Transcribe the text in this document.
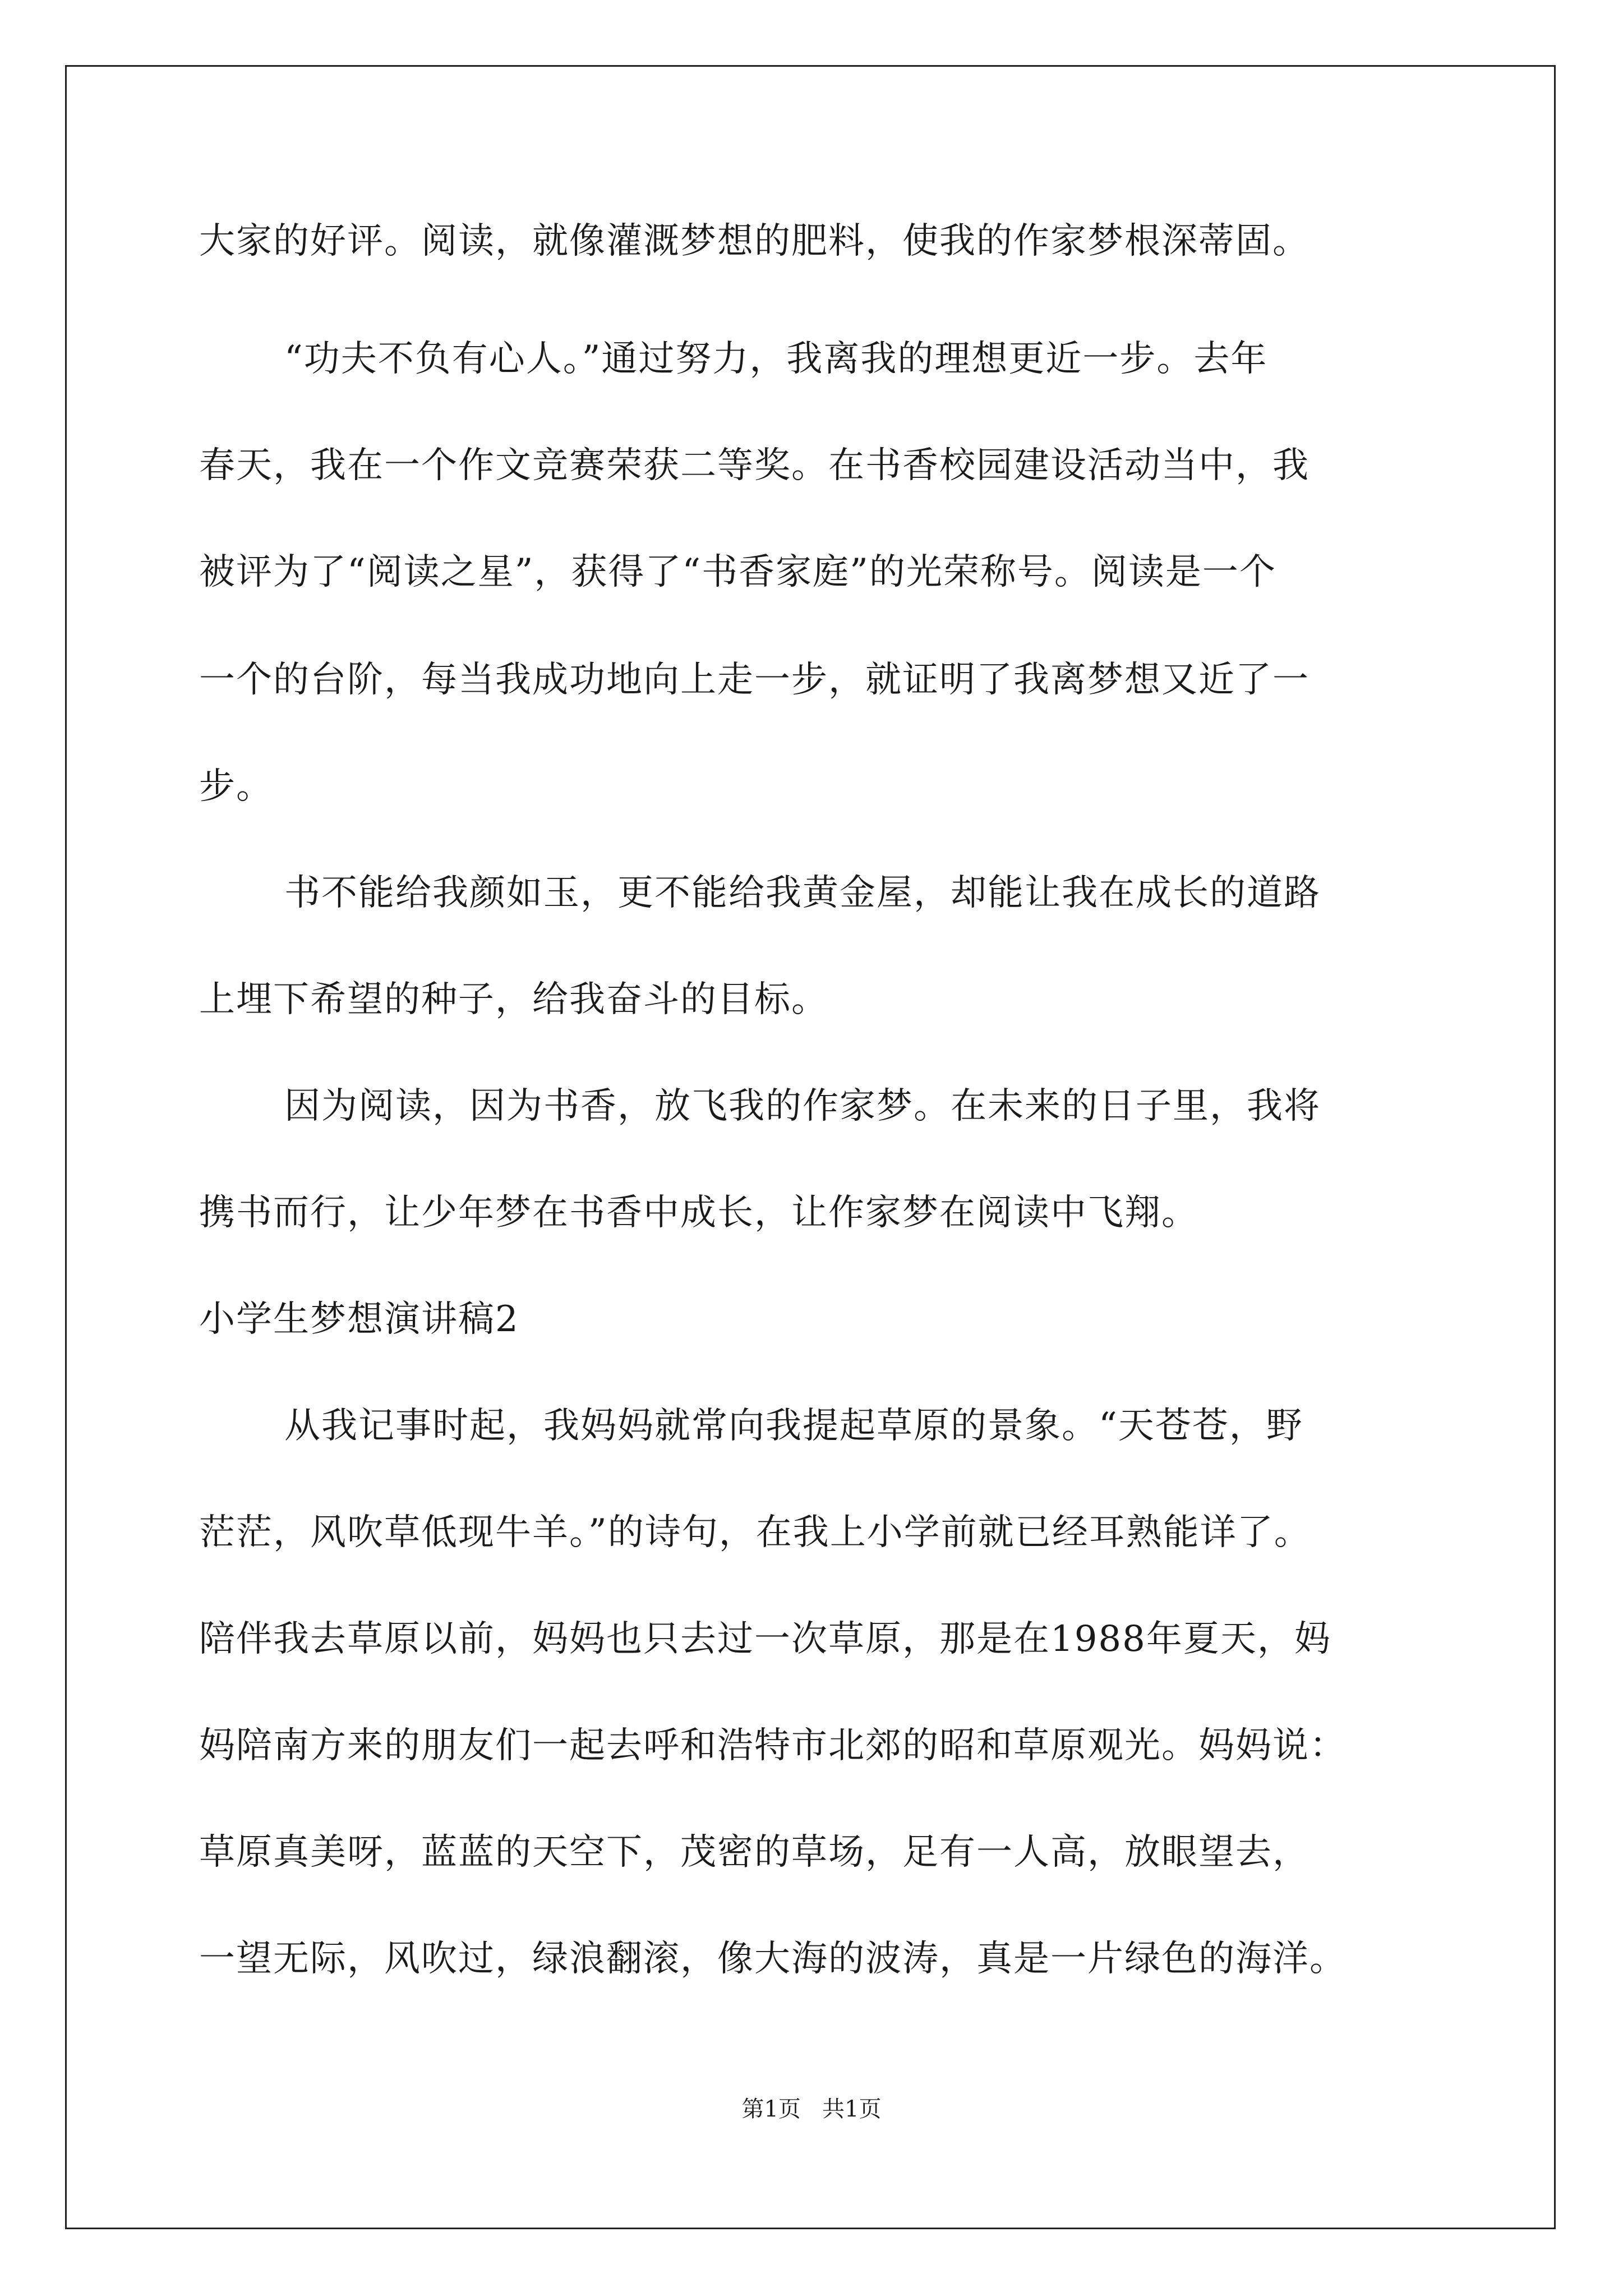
大家的好评。阅读，就像灌溉梦想的肥料，使我的作家梦根深蒂固。
“功夫不负有心人。”通过努力，我离我的理想更近一步。去年
春天，我在一个作文竞赛荣获二等奖。在书香校园建设活动当中，我
被评为了“阅读之星”，获得了“书香家庭”的光荣称号。阅读是一个
一个的台阶，每当我成功地向上走一步，就证明了我离梦想又近了一
步。
书不能给我颜如玉，更不能给我黄金屋，却能让我在成长的道路
上埋下希望的种子，给我奋斗的目标。
因为阅读，因为书香，放飞我的作家梦。在未来的日子里，我将
携书而行，让少年梦在书香中成长，让作家梦在阅读中飞翔。
小学生梦想演讲稿2
从我记事时起，我妈妈就常向我提起草原的景象。“天苍苍，野
茫茫，风吹草低现牛羊。”的诗句，在我上小学前就已经耳熟能详了。
陪伴我去草原以前，妈妈也只去过一次草原，那是在1988年夏天，妈
妈陪南方来的朋友们一起去呼和浩特市北郊的昭和草原观光。妈妈说：
草原真美呀，蓝蓝的天空下，茂密的草场，足有一人高，放眼望去，
一望无际，风吹过，绿浪翻滚，像大海的波涛，真是一片绿色的海洋。
第1页   共1页
